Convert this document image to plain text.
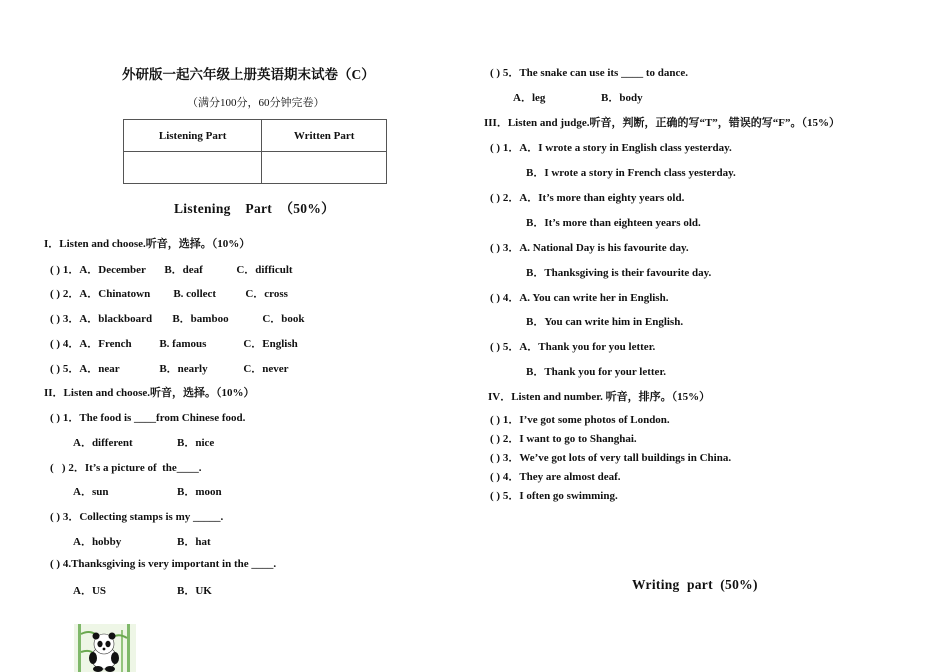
外研版一起六年级上册英语期末试卷（C）
（满分100分，60分钟完卷）
Listening Part	Written Part

Listening    Part  （50%）
I．Listen and choose.听音，选择。（10%）
( ) 1．A．December B．deaf	C．difficult
( ) 2．A．Chinatown B. collect	C．cross
( ) 3．A．blackboard B．bamboo	C．book
( ) 4．A．French	B. famous	C．English
( ) 5．A．near	B．nearly	C．never
II．Listen and choose.听音，选择。（10%）
( ) 1．The food is ____from Chinese food.
A．different	B．nice
(   ) 2．It’s a picture of  the____.
A．sun	B．moon
( ) 3．Collecting stamps is my _____.
A．hobby	B．hat
( ) 4.Thanksgiving is very important in the ____.
A．US	B．UK
( ) 5．The snake can use its ____ to dance.
A．leg	B．body
III．Listen and judge.听音，判断，正确的写“T”，错误的写“F”。（15%）
( ) 1．A．I wrote a story in English class yesterday.
B．I wrote a story in French class yesterday.
( ) 2．A．It’s more than eighty years old.
B．It’s more than eighteen years old.
( ) 3．A. National Day is his favourite day.
B．Thanksgiving is their favourite day.
( ) 4．A. You can write her in English.
B．You can write him in English.
( ) 5．A．Thank you for you letter.
B．Thank you for your letter.
IV．Listen and number. 听音，排序。（15%）
( ) 1．I’ve got some photos of London.
( ) 2．I want to go to Shanghai.
( ) 3．We’ve got lots of very tall buildings in China.
( ) 4．They are almost deaf.
( ) 5．I often go swimming.
Writing  part  (50%)
